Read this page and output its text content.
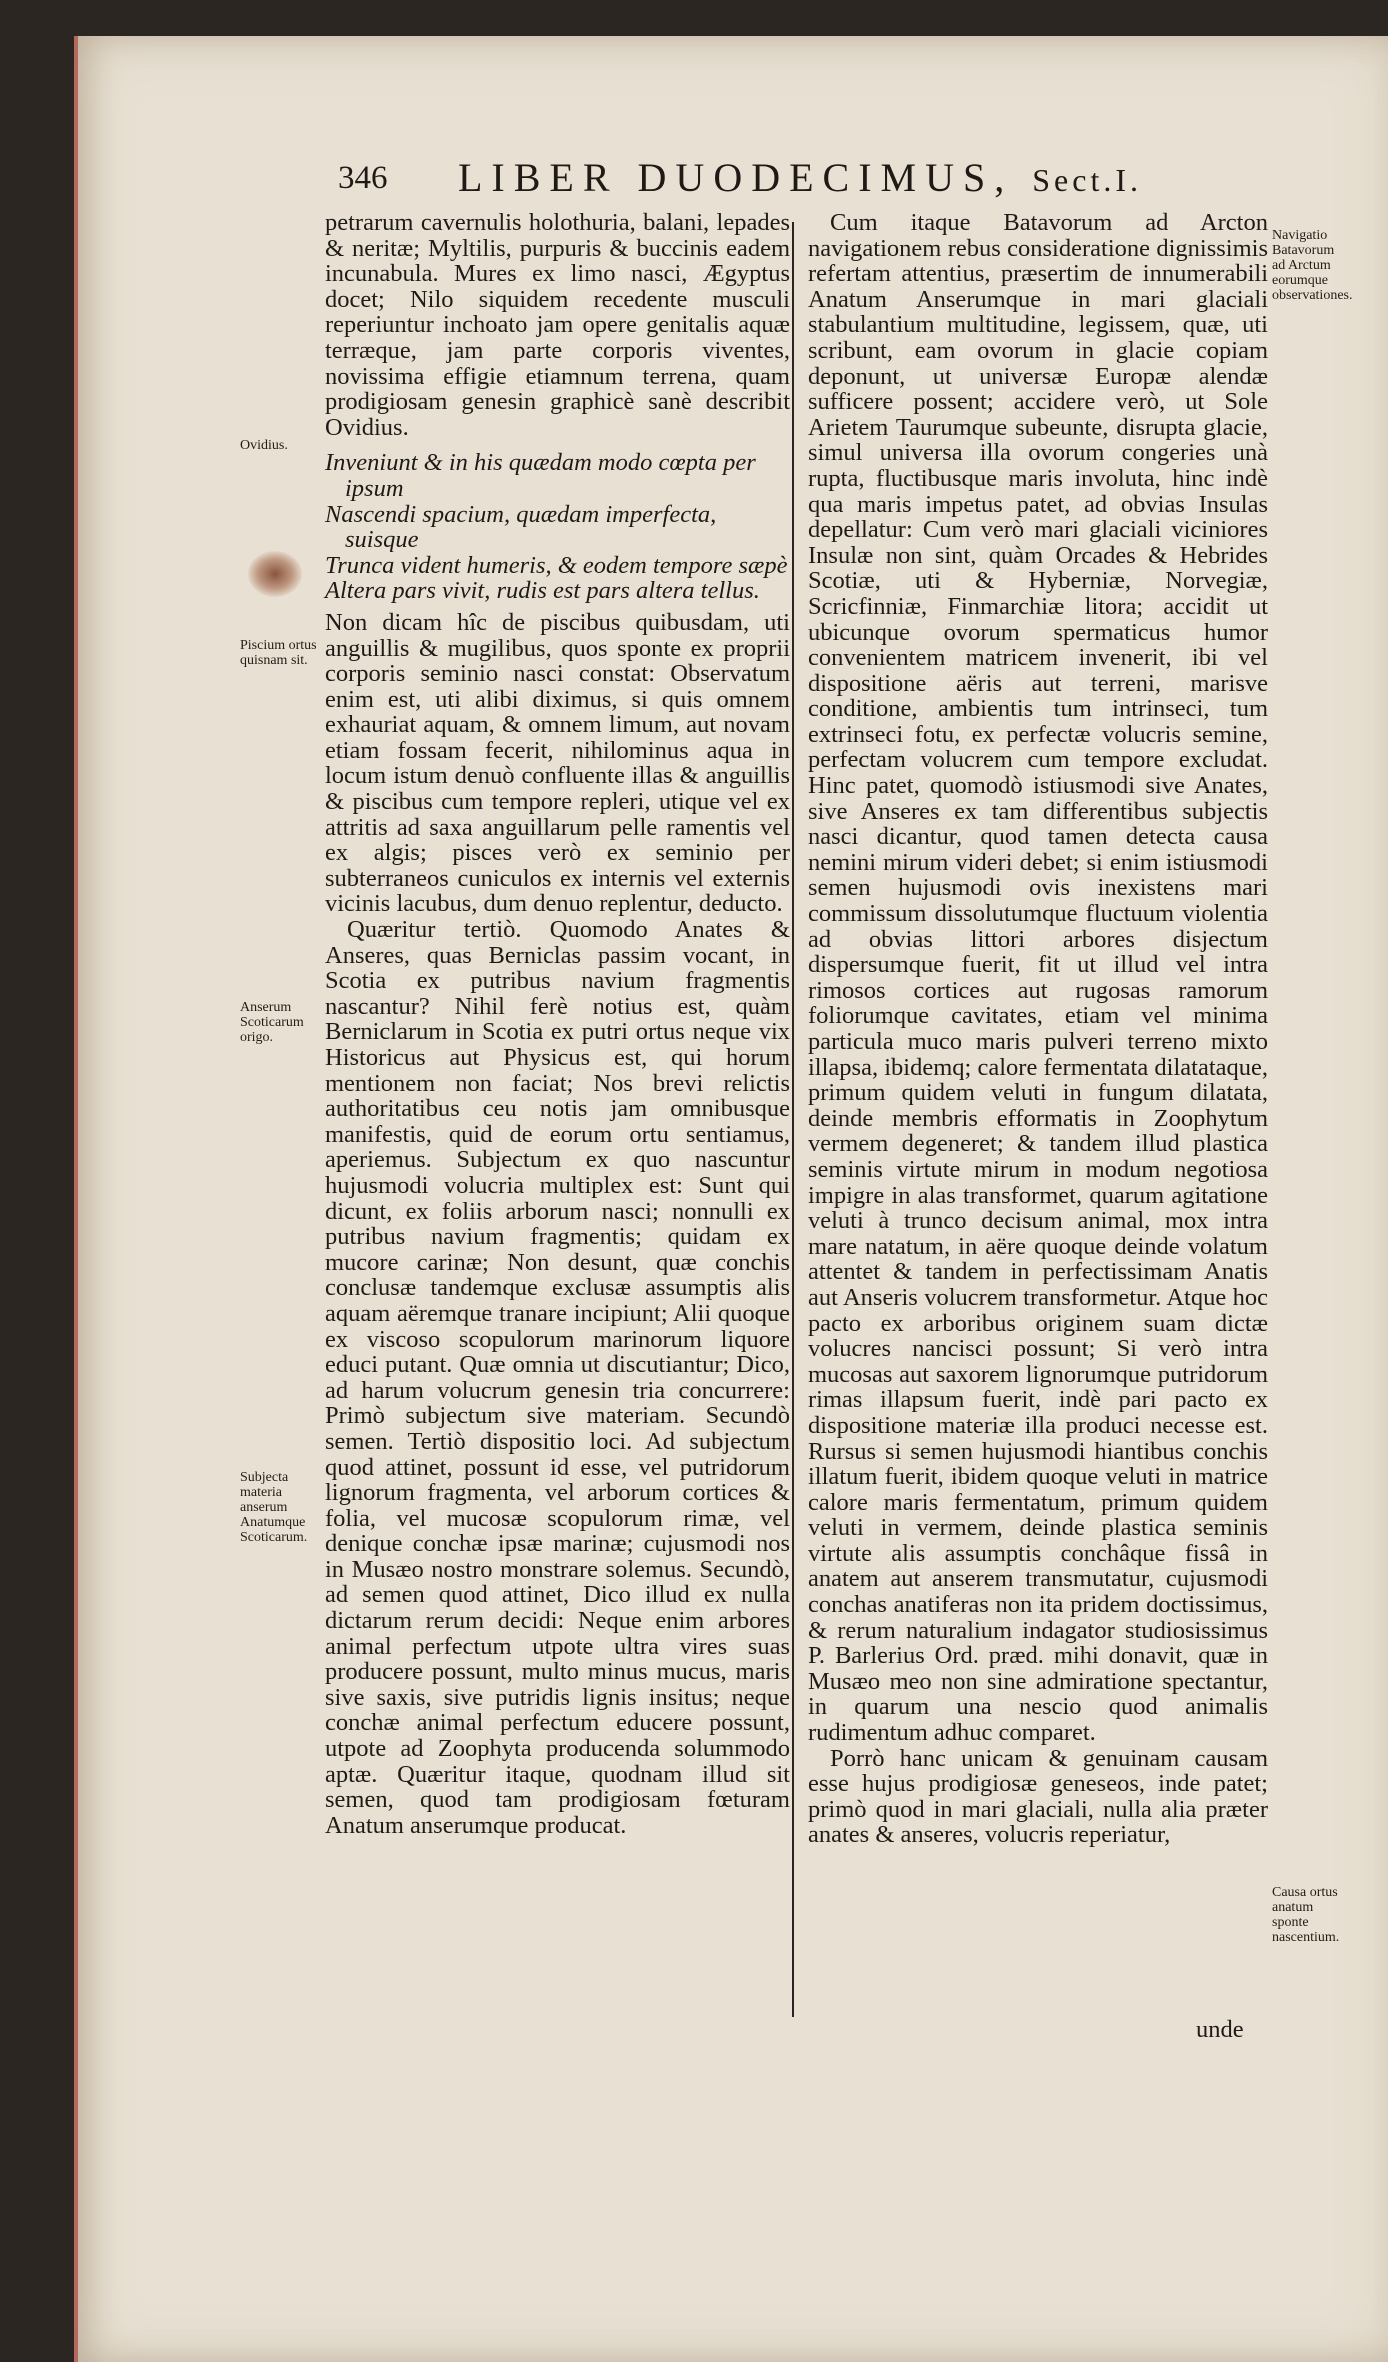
346 LIBER DUODECIMUS, Sect.I.
Ovidius.
Piscium ortus quisnam sit.
Anserum Scoticarum origo.
Subjecta materia anserum Anatumque Scoticarum.
Navigatio Batavorum ad Arctum eorumque observationes.
Causa ortus anatum sponte nascentium.

petrarum cavernulis holothuria, balani, lepades & neritæ; Myltilis, purpuris & buccinis eadem incunabula. Mures ex limo nasci, Ægyptus docet; Nilo siquidem recedente musculi reperiuntur inchoato jam opere genitalis aquæ terræque, jam parte corporis viventes, novissima effigie etiamnum terrena, quam prodigiosam genesin graphicè sanè describit Ovidius.

Inveniunt & in his quædam modo cœpta per ipsum

Nascendi spacium, quædam imperfecta, suisque

Trunca vident humeris, & eodem tempore sæpè

Altera pars vivit, rudis est pars altera tellus.

Non dicam hîc de piscibus quibusdam, uti anguillis & mugilibus, quos sponte ex proprii corporis seminio nasci constat: Observatum enim est, uti alibi diximus, si quis omnem exhauriat aquam, & omnem limum, aut novam etiam fossam fecerit, nihilominus aqua in locum istum denuò confluente illas & anguillis & piscibus cum tempore repleri, utique vel ex attritis ad saxa anguillarum pelle ramentis vel ex algis; pisces verò ex seminio per subterraneos cuniculos ex internis vel externis vicinis lacubus, dum denuo replentur, deducto.

Quæritur tertiò. Quomodo Anates & Anseres, quas Berniclas passim vocant, in Scotia ex putribus navium fragmentis nascantur? Nihil ferè notius est, quàm Berniclarum in Scotia ex putri ortus neque vix Historicus aut Physicus est, qui horum mentionem non faciat; Nos brevi relictis authoritatibus ceu notis jam omnibusque manifestis, quid de eorum ortu sentiamus, aperiemus. Subjectum ex quo nascuntur hujusmodi volucria multiplex est: Sunt qui dicunt, ex foliis arborum nasci; nonnulli ex putribus navium fragmentis; quidam ex mucore carinæ; Non desunt, quæ conchis conclusæ tandemque exclusæ assumptis alis aquam aëremque tranare incipiunt; Alii quoque ex viscoso scopulorum marinorum liquore educi putant. Quæ omnia ut discutiantur; Dico, ad harum volucrum genesin tria concurrere: Primò subjectum sive materiam. Secundò semen. Tertiò dispositio loci. Ad subjectum quod attinet, possunt id esse, vel putridorum lignorum fragmenta, vel arborum cortices & folia, vel mucosæ scopulorum rimæ, vel denique conchæ ipsæ marinæ; cujusmodi nos in Musæo nostro monstrare solemus. Secundò, ad semen quod attinet, Dico illud ex nulla dictarum rerum decidi: Neque enim arbores animal perfectum utpote ultra vires suas producere possunt, multo minus mucus, maris sive saxis, sive putridis lignis insitus; neque conchæ animal perfectum educere possunt, utpote ad Zoophyta producenda solummodo aptæ. Quæritur itaque, quodnam illud sit semen, quod tam prodigiosam fœturam Anatum anserumque producat.

Cum itaque Batavorum ad Arcton navigationem rebus consideratione dignissimis refertam attentius, præsertim de innumerabili Anatum Anserumque in mari glaciali stabulantium multitudine, legissem, quæ, uti scribunt, eam ovorum in glacie copiam deponunt, ut universæ Europæ alendæ sufficere possent; accidere verò, ut Sole Arietem Taurumque subeunte, disrupta glacie, simul universa illa ovorum congeries unà rupta, fluctibusque maris involuta, hinc indè qua maris impetus patet, ad obvias Insulas depellatur: Cum verò mari glaciali viciniores Insulæ non sint, quàm Orcades & Hebrides Scotiæ, uti & Hyberniæ, Norvegiæ, Scricfinniæ, Finmarchiæ litora; accidit ut ubicunque ovorum spermaticus humor convenientem matricem invenerit, ibi vel dispositione aëris aut terreni, marisve conditione, ambientis tum intrinseci, tum extrinseci fotu, ex perfectæ volucris semine, perfectam volucrem cum tempore excludat. Hinc patet, quomodò istiusmodi sive Anates, sive Anseres ex tam differentibus subjectis nasci dicantur, quod tamen detecta causa nemini mirum videri debet; si enim istiusmodi semen hujusmodi ovis inexistens mari commissum dissolutumque fluctuum violentia ad obvias littori arbores disjectum dispersumque fuerit, fit ut illud vel intra rimosos cortices aut rugosas ramorum foliorumque cavitates, etiam vel minima particula muco maris pulveri terreno mixto illapsa, ibidemq; calore fermentata dilatataque, primum quidem veluti in fungum dilatata, deinde membris efformatis in Zoophytum vermem degeneret; & tandem illud plastica seminis virtute mirum in modum negotiosa impigre in alas transformet, quarum agitatione veluti à trunco decisum animal, mox intra mare natatum, in aëre quoque deinde volatum attentet & tandem in perfectissimam Anatis aut Anseris volucrem transformetur. Atque hoc pacto ex arboribus originem suam dictæ volucres nancisci possunt; Si verò intra mucosas aut saxorem lignorumque putridorum rimas illapsum fuerit, indè pari pacto ex dispositione materiæ illa produci necesse est. Rursus si semen hujusmodi hiantibus conchis illatum fuerit, ibidem quoque veluti in matrice calore maris fermentatum, primum quidem veluti in vermem, deinde plastica seminis virtute alis assumptis conchâque fissâ in anatem aut anserem transmutatur, cujusmodi conchas anatiferas non ita pridem doctissimus, & rerum naturalium indagator studiosissimus P. Barlerius Ord. præd. mihi donavit, quæ in Musæo meo non sine admiratione spectantur, in quarum una nescio quod animalis rudimentum adhuc comparet.

Porrò hanc unicam & genuinam causam esse hujus prodigiosæ geneseos, inde patet; primò quod in mari glaciali, nulla alia præter anates & anseres, volucris reperiatur,

unde
